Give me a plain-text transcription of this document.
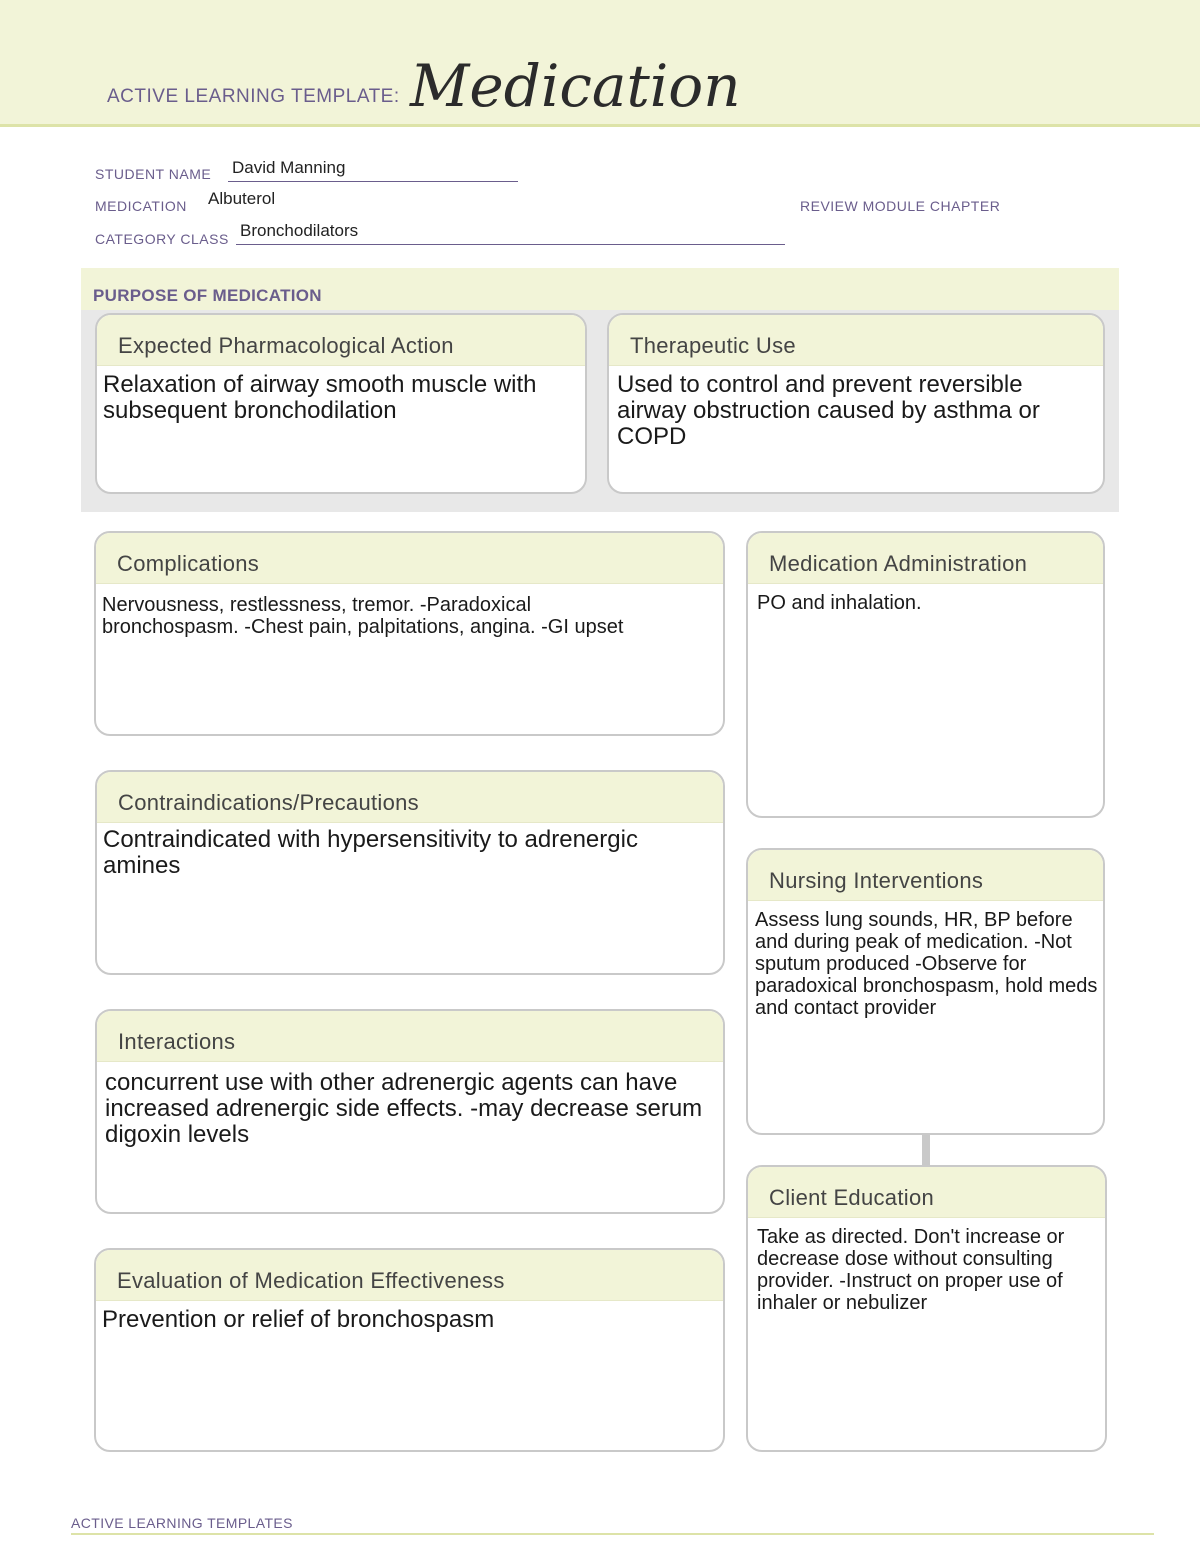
ACTIVE LEARNING TEMPLATE: Medication
STUDENT NAME David Manning
MEDICATION Albuterol	REVIEW MODULE CHAPTER
CATEGORY CLASS Bronchodilators
PURPOSE OF MEDICATION
Expected Pharmacological Action
Relaxation of airway smooth muscle with subsequent bronchodilation
Therapeutic Use
Used to control and prevent reversible airway obstruction caused by asthma or COPD
Complications
Nervousness, restlessness, tremor. -Paradoxical
bronchospasm. -Chest pain, palpitations, angina. -GI upset
Contraindications/Precautions
Contraindicated with hypersensitivity to adrenergic amines
Interactions
concurrent use with other adrenergic agents can have increased adrenergic side effects. -may decrease serum digoxin levels
Evaluation of Medication Effectiveness
Prevention or relief of bronchospasm
Medication Administration
PO and inhalation.
Nursing Interventions
Assess lung sounds, HR, BP before and during peak of medication. -Not sputum produced -Observe for paradoxical bronchospasm, hold meds and contact provider
Client Education
Take as directed. Don't increase or decrease dose without consulting provider. -Instruct on proper use of inhaler or nebulizer
ACTIVE LEARNING TEMPLATES
